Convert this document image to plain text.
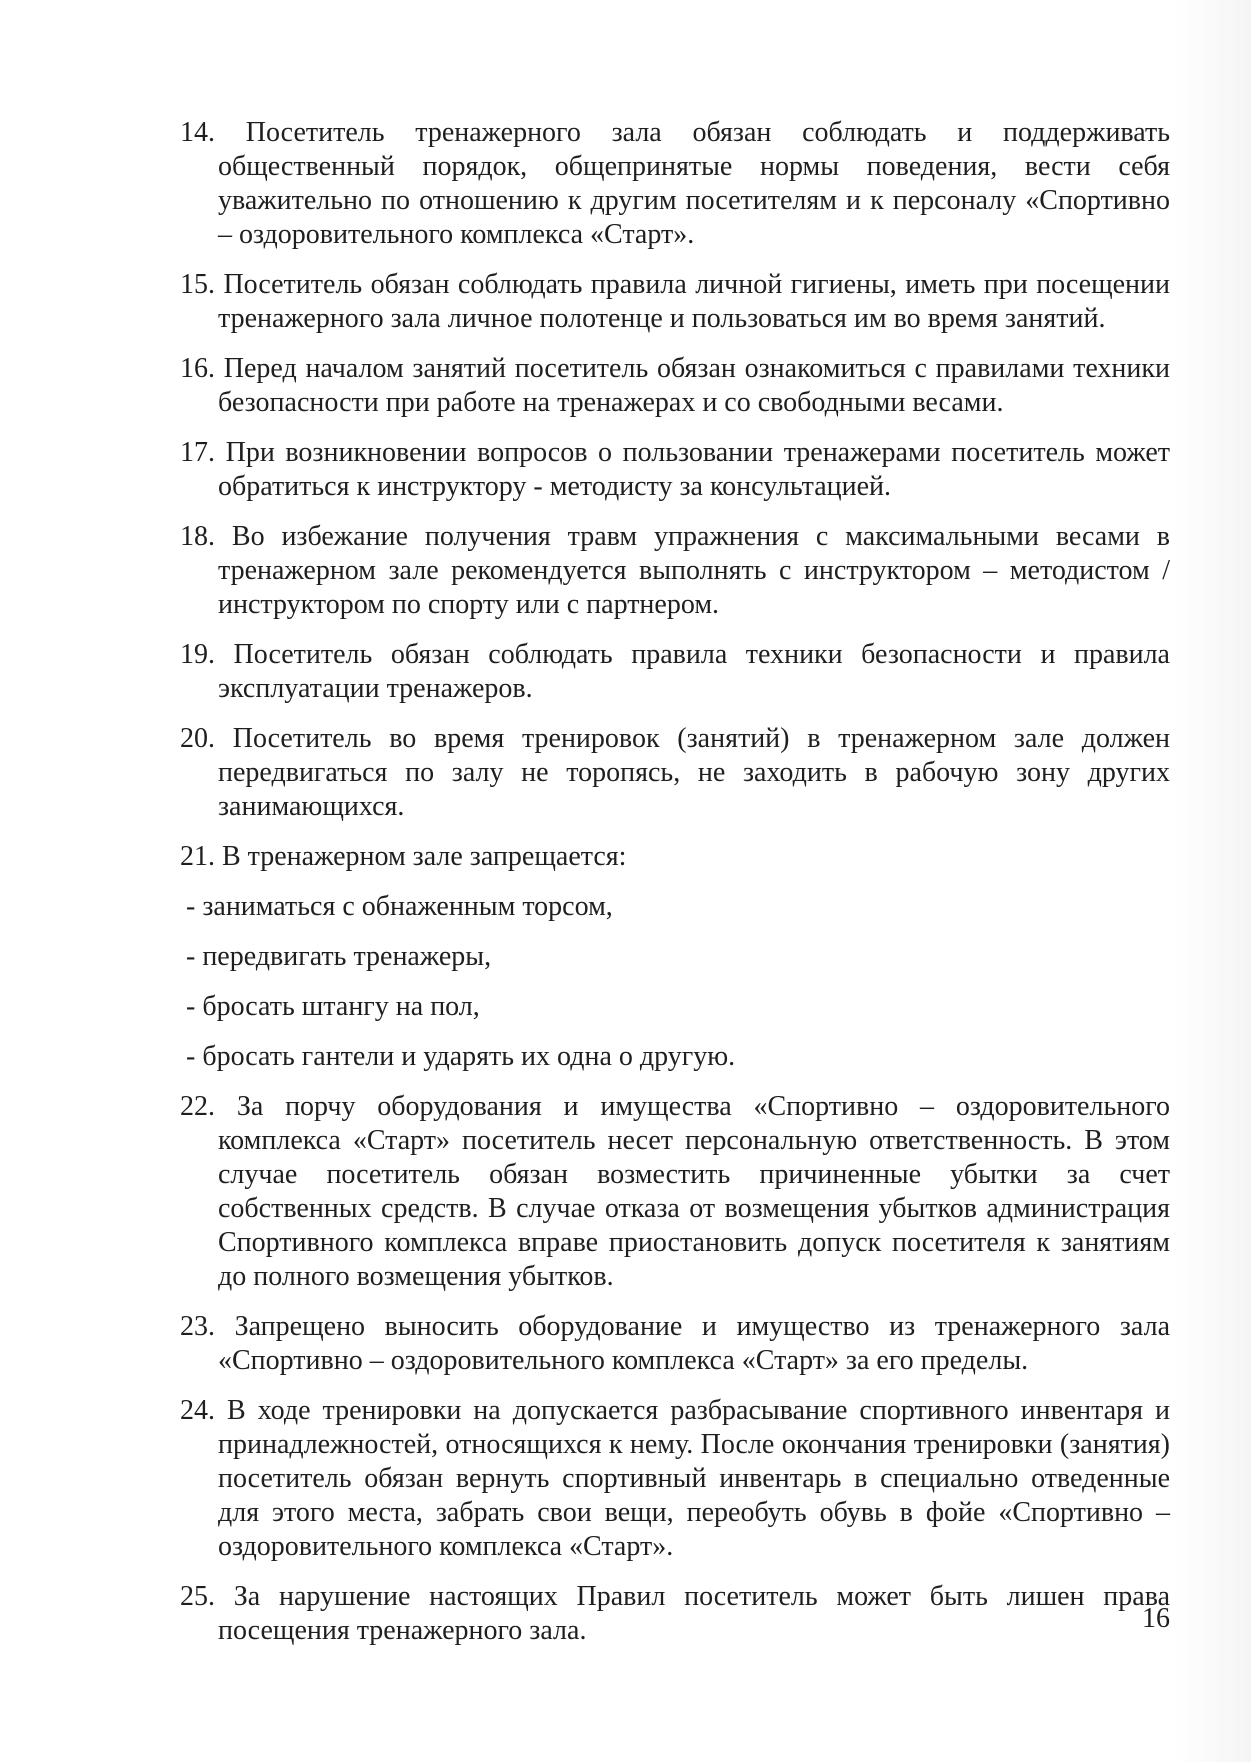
14. Посетитель тренажерного зала обязан соблюдать и поддерживать общественный порядок, общепринятые нормы поведения, вести себя уважительно по отношению к другим посетителям и к персоналу «Спортивно – оздоровительного комплекса «Старт».
15. Посетитель обязан соблюдать правила личной гигиены, иметь при посещении тренажерного зала личное полотенце и пользоваться им во время занятий.
16. Перед началом занятий посетитель обязан ознакомиться с правилами техники безопасности при работе на тренажерах и со свободными весами.
17. При возникновении вопросов о пользовании тренажерами посетитель может обратиться к инструктору - методисту за консультацией.
18. Во избежание получения травм упражнения с максимальными весами в тренажерном зале рекомендуется выполнять с инструктором – методистом / инструктором по спорту или с партнером.
19. Посетитель обязан соблюдать правила техники безопасности и правила эксплуатации тренажеров.
20. Посетитель во время тренировок (занятий) в тренажерном зале должен передвигаться по залу не торопясь, не заходить в рабочую зону других занимающихся.
21. В тренажерном зале запрещается:
- заниматься с обнаженным торсом,
- передвигать тренажеры,
- бросать штангу на пол,
- бросать гантели и ударять их одна о другую.
22. За порчу оборудования и имущества «Спортивно – оздоровительного комплекса «Старт» посетитель несет персональную ответственность. В этом случае посетитель обязан возместить причиненные убытки за счет собственных средств. В случае отказа от возмещения убытков администрация Спортивного комплекса вправе приостановить допуск посетителя к занятиям до полного возмещения убытков.
23. Запрещено выносить оборудование и имущество из тренажерного зала «Спортивно – оздоровительного комплекса «Старт» за его пределы.
24. В ходе тренировки на допускается разбрасывание спортивного инвентаря и принадлежностей, относящихся к нему. После окончания тренировки (занятия) посетитель обязан вернуть спортивный инвентарь в специально отведенные для этого места, забрать свои вещи, переобуть обувь в фойе «Спортивно – оздоровительного комплекса «Старт».
25. За нарушение настоящих Правил посетитель может быть лишен права посещения тренажерного зала.	16
